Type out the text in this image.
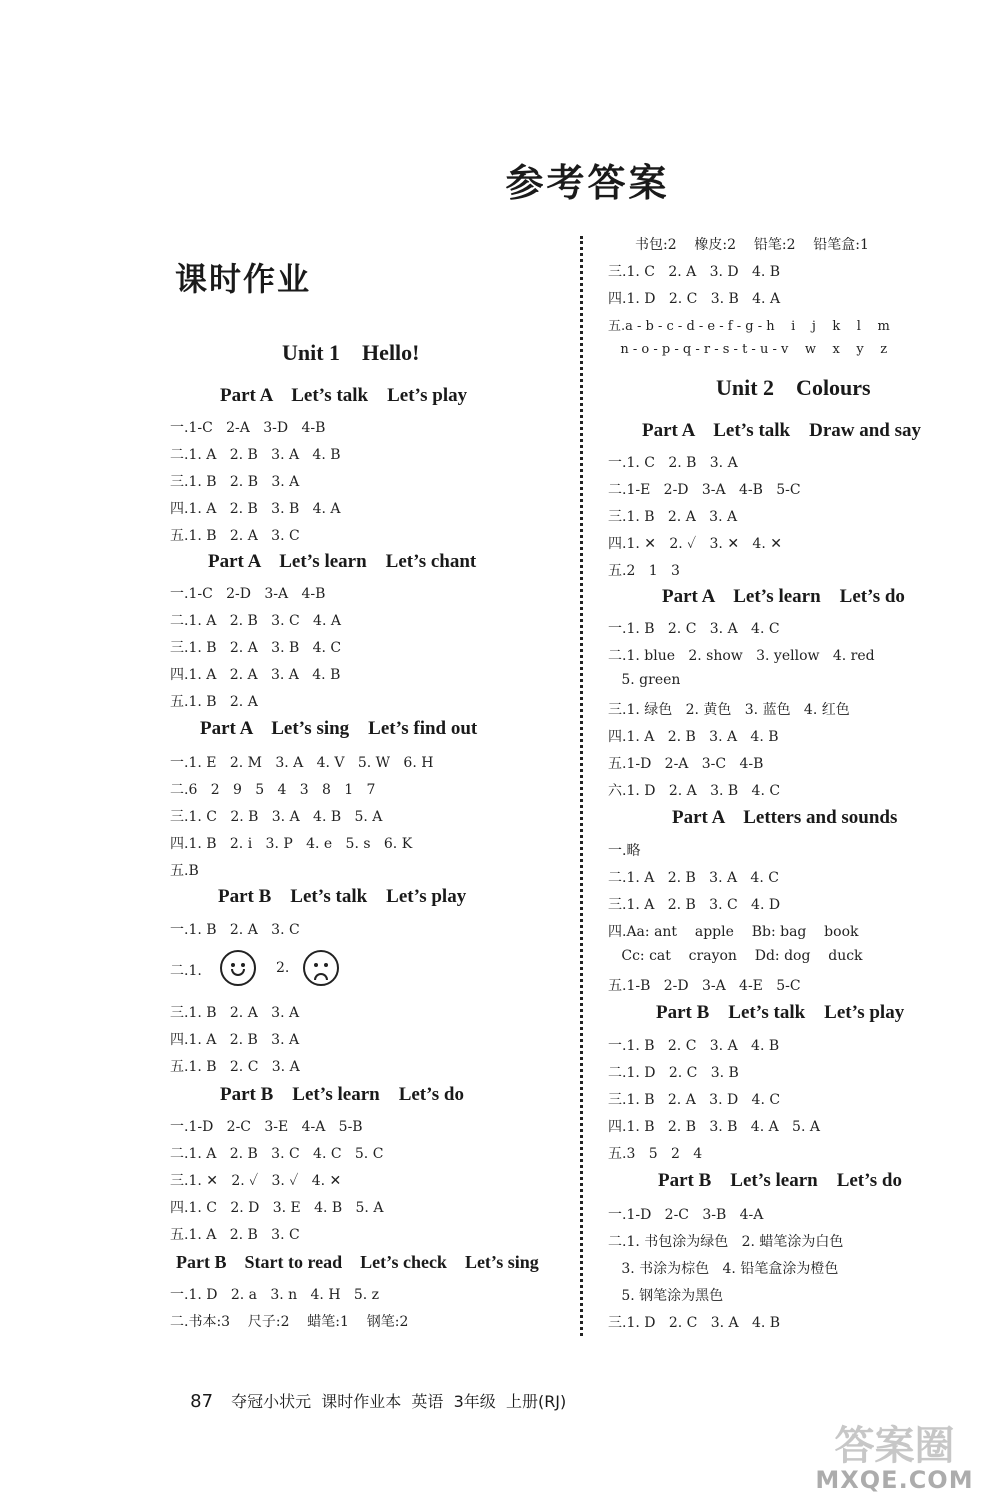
参考答案
课时作业
Unit 1    Hello!
Part A    Let’s talk    Let’s play
一.1-C   2-A   3-D   4-B
二.1. A   2. B   3. A   4. B
三.1. B   2. B   3. A
四.1. A   2. B   3. B   4. A
五.1. B   2. A   3. C
Part A    Let’s learn    Let’s chant
一.1-C   2-D   3-A   4-B
二.1. A   2. B   3. C   4. A
三.1. B   2. A   3. B   4. C
四.1. A   2. A   3. A   4. B
五.1. B   2. A
Part A    Let’s sing    Let’s find out
一.1. E   2. M   3. A   4. V   5. W   6. H
二.6   2   9   5   4   3   8   1   7
三.1. C   2. B   3. A   4. B   5. A
四.1. B   2. i   3. P   4. e   5. s   6. K
五.B
Part B    Let’s talk    Let’s play
一.1. B   2. A   3. C
二.1.	2.
三.1. B   2. A   3. A
四.1. A   2. B   3. A
五.1. B   2. C   3. A
Part B    Let’s learn    Let’s do
一.1-D   2-C   3-E   4-A   5-B
二.1. A   2. B   3. C   4. C   5. C
三.1. ✕   2. ✓   3. ✓   4. ✕
四.1. C   2. D   3. E   4. B   5. A
五.1. A   2. B   3. C
Part B    Start to read    Let’s check    Let’s sing
一.1. D   2. a   3. n   4. H   5. z
二.书本:3    尺子:2    蜡笔:1    钢笔:2
书包:2    橡皮:2    铅笔:2    铅笔盒:1
三.1. C   2. A   3. D   4. B
四.1. D   2. C   3. B   4. A
五.a - b - c - d - e - f - g - h    i    j    k    l    m
n - o - p - q - r - s - t - u - v    w    x    y    z
Unit 2    Colours
Part A    Let’s talk    Draw and say
一.1. C   2. B   3. A
二.1-E   2-D   3-A   4-B   5-C
三.1. B   2. A   3. A
四.1. ✕   2. ✓   3. ✕   4. ✕
五.2   1   3
Part A    Let’s learn    Let’s do
一.1. B   2. C   3. A   4. C
二.1. blue   2. show   3. yellow   4. red
5. green
三.1. 绿色   2. 黄色   3. 蓝色   4. 红色
四.1. A   2. B   3. A   4. B
五.1-D   2-A   3-C   4-B
六.1. D   2. A   3. B   4. C
Part A    Letters and sounds
一.略
二.1. A   2. B   3. A   4. C
三.1. A   2. B   3. C   4. D
四.Aa: ant    apple    Bb: bag    book
Cc: cat    crayon    Dd: dog    duck
五.1-B   2-D   3-A   4-E   5-C
Part B    Let’s talk    Let’s play
一.1. B   2. C   3. A   4. B
二.1. D   2. C   3. B
三.1. B   2. A   3. D   4. C
四.1. B   2. B   3. B   4. A   5. A
五.3   5   2   4
Part B    Let’s learn    Let’s do
一.1-D   2-C   3-B   4-A
二.1. 书包涂为绿色   2. 蜡笔涂为白色
3. 书涂为棕色   4. 铅笔盒涂为橙色
5. 钢笔涂为黑色
三.1. D   2. C   3. A   4. B

87 夺冠小状元  课时作业本  英语  3年级  上册(RJ)

答案圈
MXQE.COM
